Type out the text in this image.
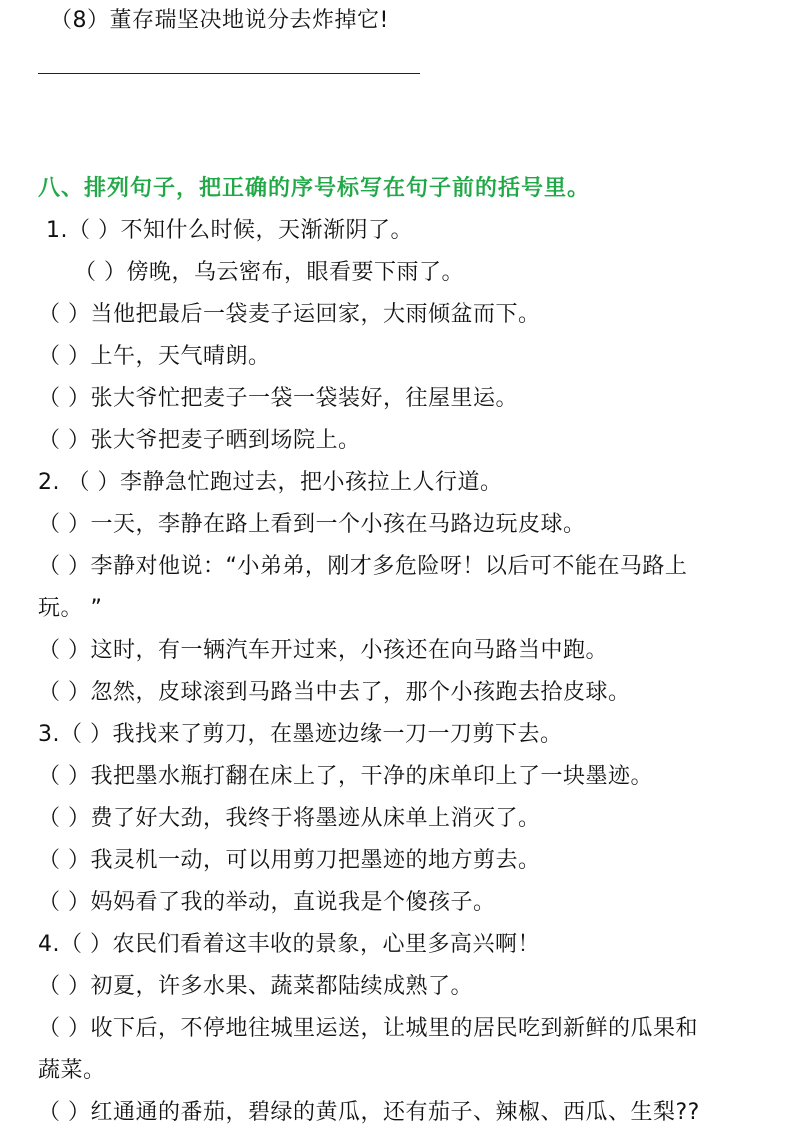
（8）董存瑞坚决地说分去炸掉它!
八、排列句子，把正确的序号标写在句子前的括号里。
1.（ ）不知什么时候，天渐渐阴了。
（ ）傍晚，乌云密布，眼看要下雨了。
（ ）当他把最后一袋麦子运回家，大雨倾盆而下。
（ ）上午，天气晴朗。
（ ）张大爷忙把麦子一袋一袋装好，往屋里运。
（ ）张大爷把麦子晒到场院上。
2. （ ）李静急忙跑过去，把小孩拉上人行道。
（ ）一天，李静在路上看到一个小孩在马路边玩皮球。
（ ）李静对他说：“小弟弟，刚才多危险呀！以后可不能在马路上
玩。 ”
（ ）这时，有一辆汽车开过来，小孩还在向马路当中跑。
（ ）忽然，皮球滚到马路当中去了，那个小孩跑去拾皮球。
3.（ ）我找来了剪刀，在墨迹边缘一刀一刀剪下去。
（ ）我把墨水瓶打翻在床上了，干净的床单印上了一块墨迹。
（ ）费了好大劲，我终于将墨迹从床单上消灭了。
（ ）我灵机一动，可以用剪刀把墨迹的地方剪去。
（ ）妈妈看了我的举动，直说我是个傻孩子。
4.（ ）农民们看着这丰收的景象，心里多高兴啊！
（ ）初夏，许多水果、蔬菜都陆续成熟了。
（ ）收下后，不停地往城里运送，让城里的居民吃到新鲜的瓜果和
蔬菜。
（ ）红通通的番茄，碧绿的黄瓜，还有茄子、辣椒、西瓜、生梨??
